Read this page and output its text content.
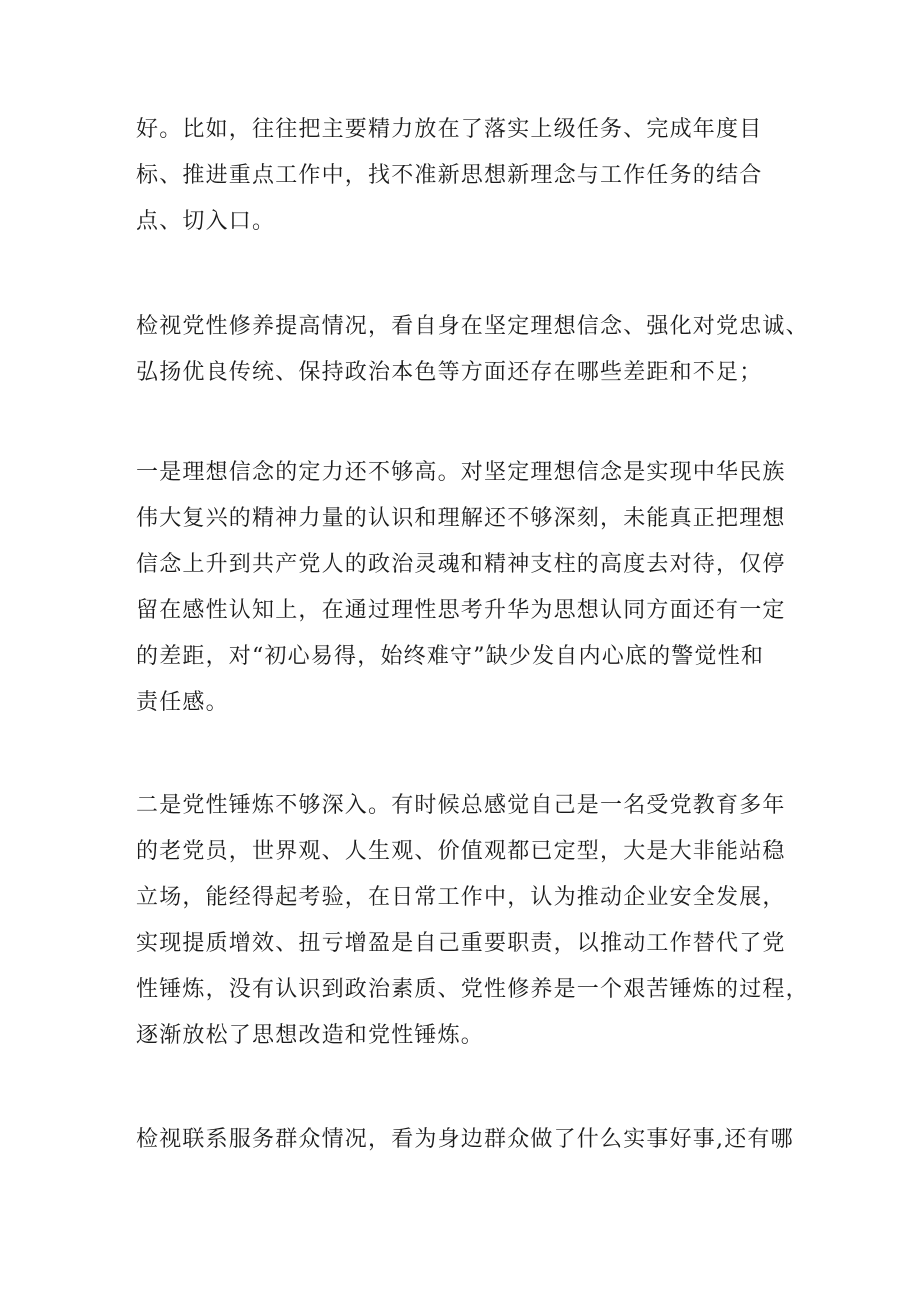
好。比如，往往把主要精力放在了落实上级任务、完成年度目
标、推进重点工作中，找不准新思想新理念与工作任务的结合
点、切入口。
检视党性修养提高情况，看自身在坚定理想信念、强化对党忠诚、
弘扬优良传统、保持政治本色等方面还存在哪些差距和不足；
一是理想信念的定力还不够高。对坚定理想信念是实现中华民族
伟大复兴的精神力量的认识和理解还不够深刻，未能真正把理想
信念上升到共产党人的政治灵魂和精神支柱的高度去对待，仅停
留在感性认知上，在通过理性思考升华为思想认同方面还有一定
的差距，对“初心易得，始终难守”缺少发自内心底的警觉性和
责任感。
二是党性锤炼不够深入。有时候总感觉自己是一名受党教育多年
的老党员，世界观、人生观、价值观都已定型，大是大非能站稳
立场，能经得起考验，在日常工作中，认为推动企业安全发展，
实现提质增效、扭亏增盈是自己重要职责，以推动工作替代了党
性锤炼，没有认识到政治素质、党性修养是一个艰苦锤炼的过程，
逐渐放松了思想改造和党性锤炼。
检视联系服务群众情况，看为身边群众做了什么实事好事,还有哪
